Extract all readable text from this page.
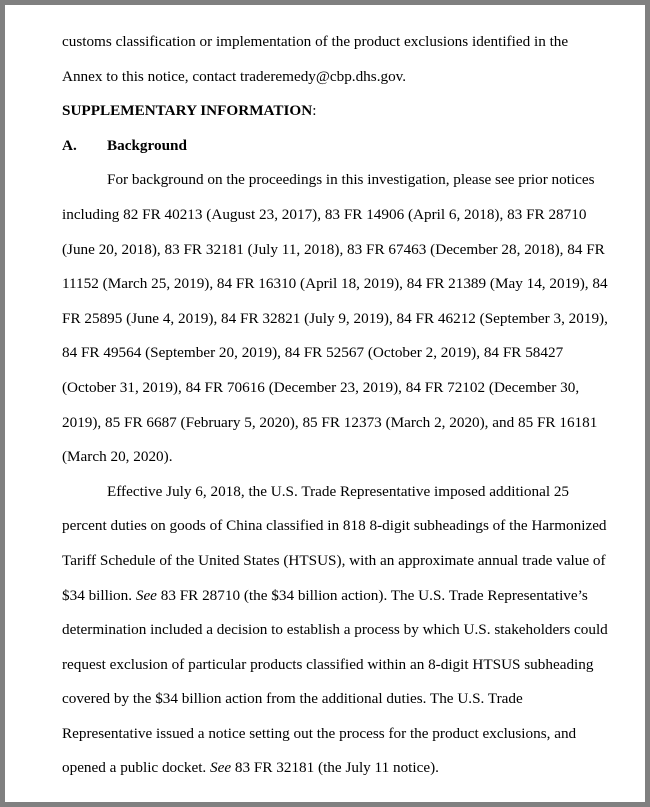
customs classification or implementation of the product exclusions identified in the
Annex to this notice, contact traderemedy@cbp.dhs.gov.
SUPPLEMENTARY INFORMATION:
A. Background
For background on the proceedings in this investigation, please see prior notices
including 82 FR 40213 (August 23, 2017), 83 FR 14906 (April 6, 2018), 83 FR 28710
(June 20, 2018), 83 FR 32181 (July 11, 2018), 83 FR 67463 (December 28, 2018), 84 FR
11152 (March 25, 2019), 84 FR 16310 (April 18, 2019), 84 FR 21389 (May 14, 2019), 84
FR 25895 (June 4, 2019), 84 FR 32821 (July 9, 2019), 84 FR 46212 (September 3, 2019),
84 FR 49564 (September 20, 2019), 84 FR 52567 (October 2, 2019), 84 FR 58427
(October 31, 2019), 84 FR 70616 (December 23, 2019), 84 FR 72102 (December 30,
2019), 85 FR 6687 (February 5, 2020), 85 FR 12373 (March 2, 2020), and 85 FR 16181
(March 20, 2020).
Effective July 6, 2018, the U.S. Trade Representative imposed additional 25
percent duties on goods of China classified in 818 8-digit subheadings of the Harmonized
Tariff Schedule of the United States (HTSUS), with an approximate annual trade value of
$34 billion. See 83 FR 28710 (the $34 billion action). The U.S. Trade Representative’s
determination included a decision to establish a process by which U.S. stakeholders could
request exclusion of particular products classified within an 8-digit HTSUS subheading
covered by the $34 billion action from the additional duties. The U.S. Trade
Representative issued a notice setting out the process for the product exclusions, and
opened a public docket. See 83 FR 32181 (the July 11 notice).
